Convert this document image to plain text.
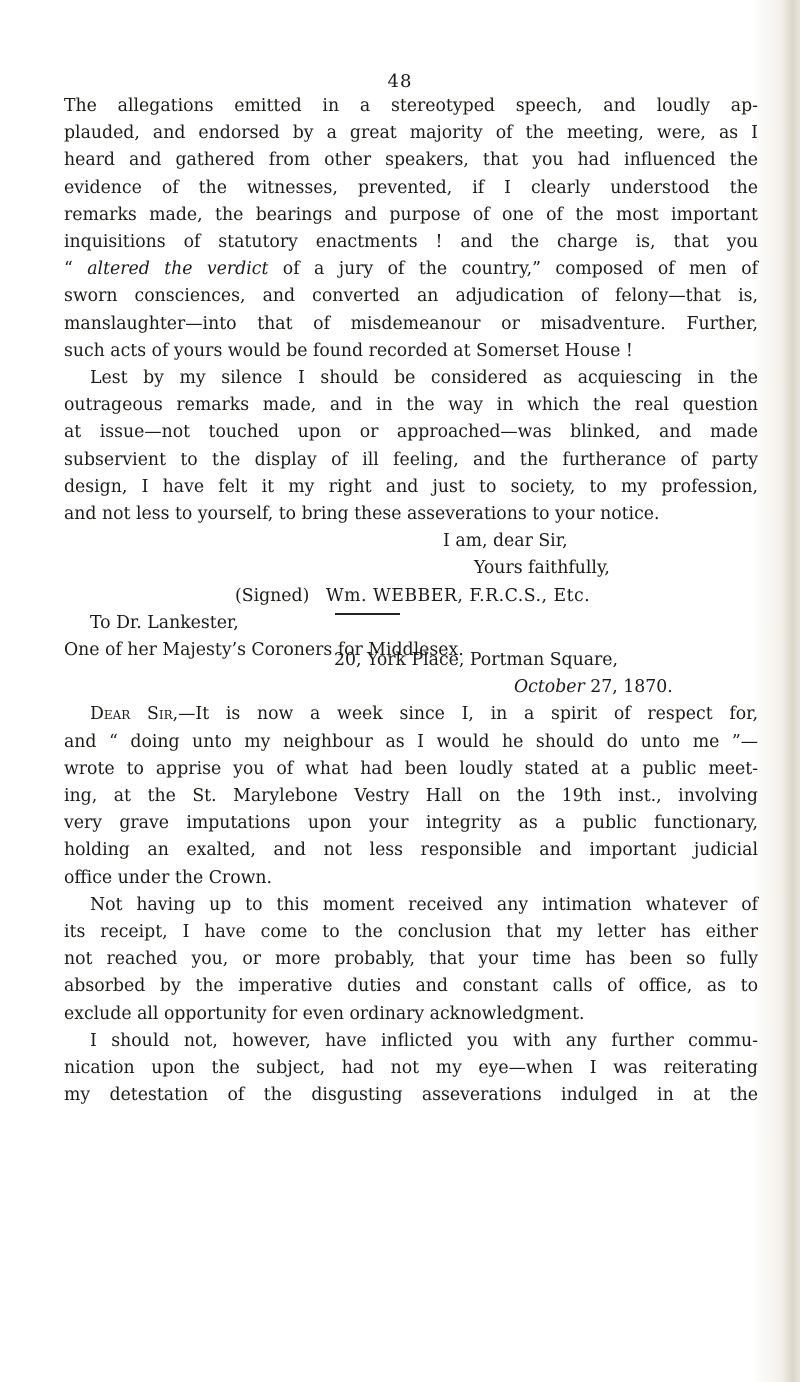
48
The allegations emitted in a stereotyped speech, and loudly ap-
plauded, and endorsed by a great majority of the meeting, were, as I
heard and gathered from other speakers, that you had influenced the
evidence of the witnesses, prevented, if I clearly understood the
remarks made, the bearings and purpose of one of the most important
inquisitions of statutory enactments ! and the charge is, that you
“ altered the verdict of a jury of the country,” composed of men of
sworn consciences, and converted an adjudication of felony—that is,
manslaughter—into that of misdemeanour or misadventure. Further,
such acts of yours would be found recorded at Somerset House !
Lest by my silence I should be considered as acquiescing in the
outrageous remarks made, and in the way in which the real question
at issue—not touched upon or approached—was blinked, and made
subservient to the display of ill feeling, and the furtherance of party
design, I have felt it my right and just to society, to my profession,
and not less to yourself, to bring these asseverations to your notice.
I am, dear Sir,
Yours faithfully,
(Signed) Wm. WEBBER, F.R.C.S., Etc.
To Dr. Lankester,
One of her Majesty’s Coroners for Middlesex.
20, York Place, Portman Square,
October 27, 1870.
Dear Sir,—It is now a week since I, in a spirit of respect for,
and “ doing unto my neighbour as I would he should do unto me ”—
wrote to apprise you of what had been loudly stated at a public meet-
ing, at the St. Marylebone Vestry Hall on the 19th inst., involving
very grave imputations upon your integrity as a public functionary,
holding an exalted, and not less responsible and important judicial
office under the Crown.
Not having up to this moment received any intimation whatever of
its receipt, I have come to the conclusion that my letter has either
not reached you, or more probably, that your time has been so fully
absorbed by the imperative duties and constant calls of office, as to
exclude all opportunity for even ordinary acknowledgment.
I should not, however, have inflicted you with any further commu-
nication upon the subject, had not my eye—when I was reiterating
my detestation of the disgusting asseverations indulged in at the
